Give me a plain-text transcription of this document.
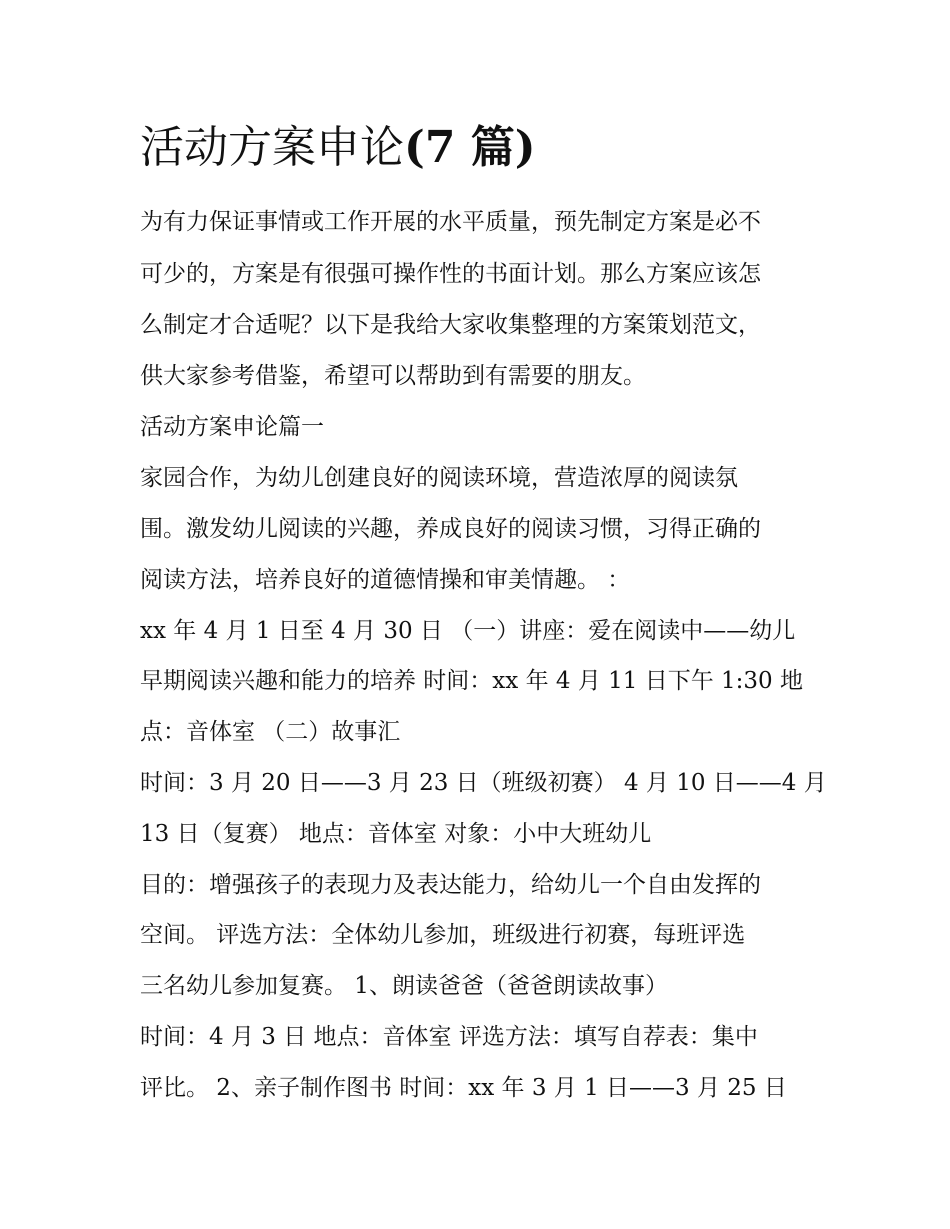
活动方案申论(7 篇)

为有力保证事情或工作开展的水平质量，预先制定方案是必不

可少的，方案是有很强可操作性的书面计划。那么方案应该怎

么制定才合适呢？以下是我给大家收集整理的方案策划范文，

供大家参考借鉴，希望可以帮助到有需要的朋友。

活动方案申论篇一

家园合作，为幼儿创建良好的阅读环境，营造浓厚的阅读氛

围。激发幼儿阅读的兴趣，养成良好的阅读习惯，习得正确的

阅读方法，培养良好的道德情操和审美情趣。 ：

xx 年 4 月 1 日至 4 月 30 日 （一）讲座：爱在阅读中——幼儿

早期阅读兴趣和能力的培养 时间：xx 年 4 月 11 日下午 1:30 地

点：音体室 （二）故事汇

时间：3 月 20 日——3 月 23 日（班级初赛） 4 月 10 日——4 月

13 日（复赛） 地点：音体室 对象：小中大班幼儿

目的：增强孩子的表现力及表达能力，给幼儿一个自由发挥的

空间。 评选方法：全体幼儿参加，班级进行初赛，每班评选

三名幼儿参加复赛。 1、朗读爸爸（爸爸朗读故事）

时间：4 月 3 日 地点：音体室 评选方法：填写自荐表：集中

评比。 2、亲子制作图书 时间：xx 年 3 月 1 日——3 月 25 日
